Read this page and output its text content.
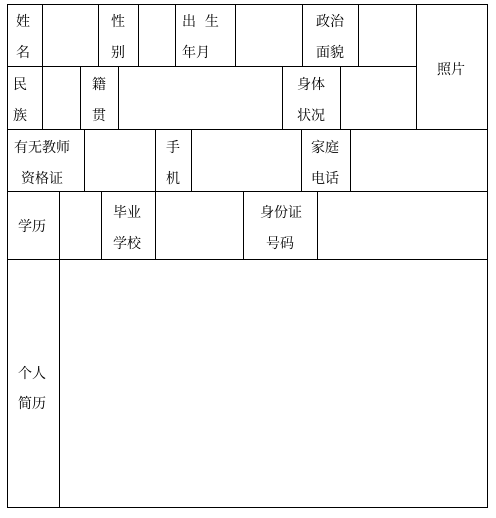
姓
名
性
别
出  生
年月
政治
面貌
照片
民
族
籍
贯
身体
状况
有无教师
资格证
手
机
家庭
电话
学历
毕业
学校
身份证
号码
个人
简历
